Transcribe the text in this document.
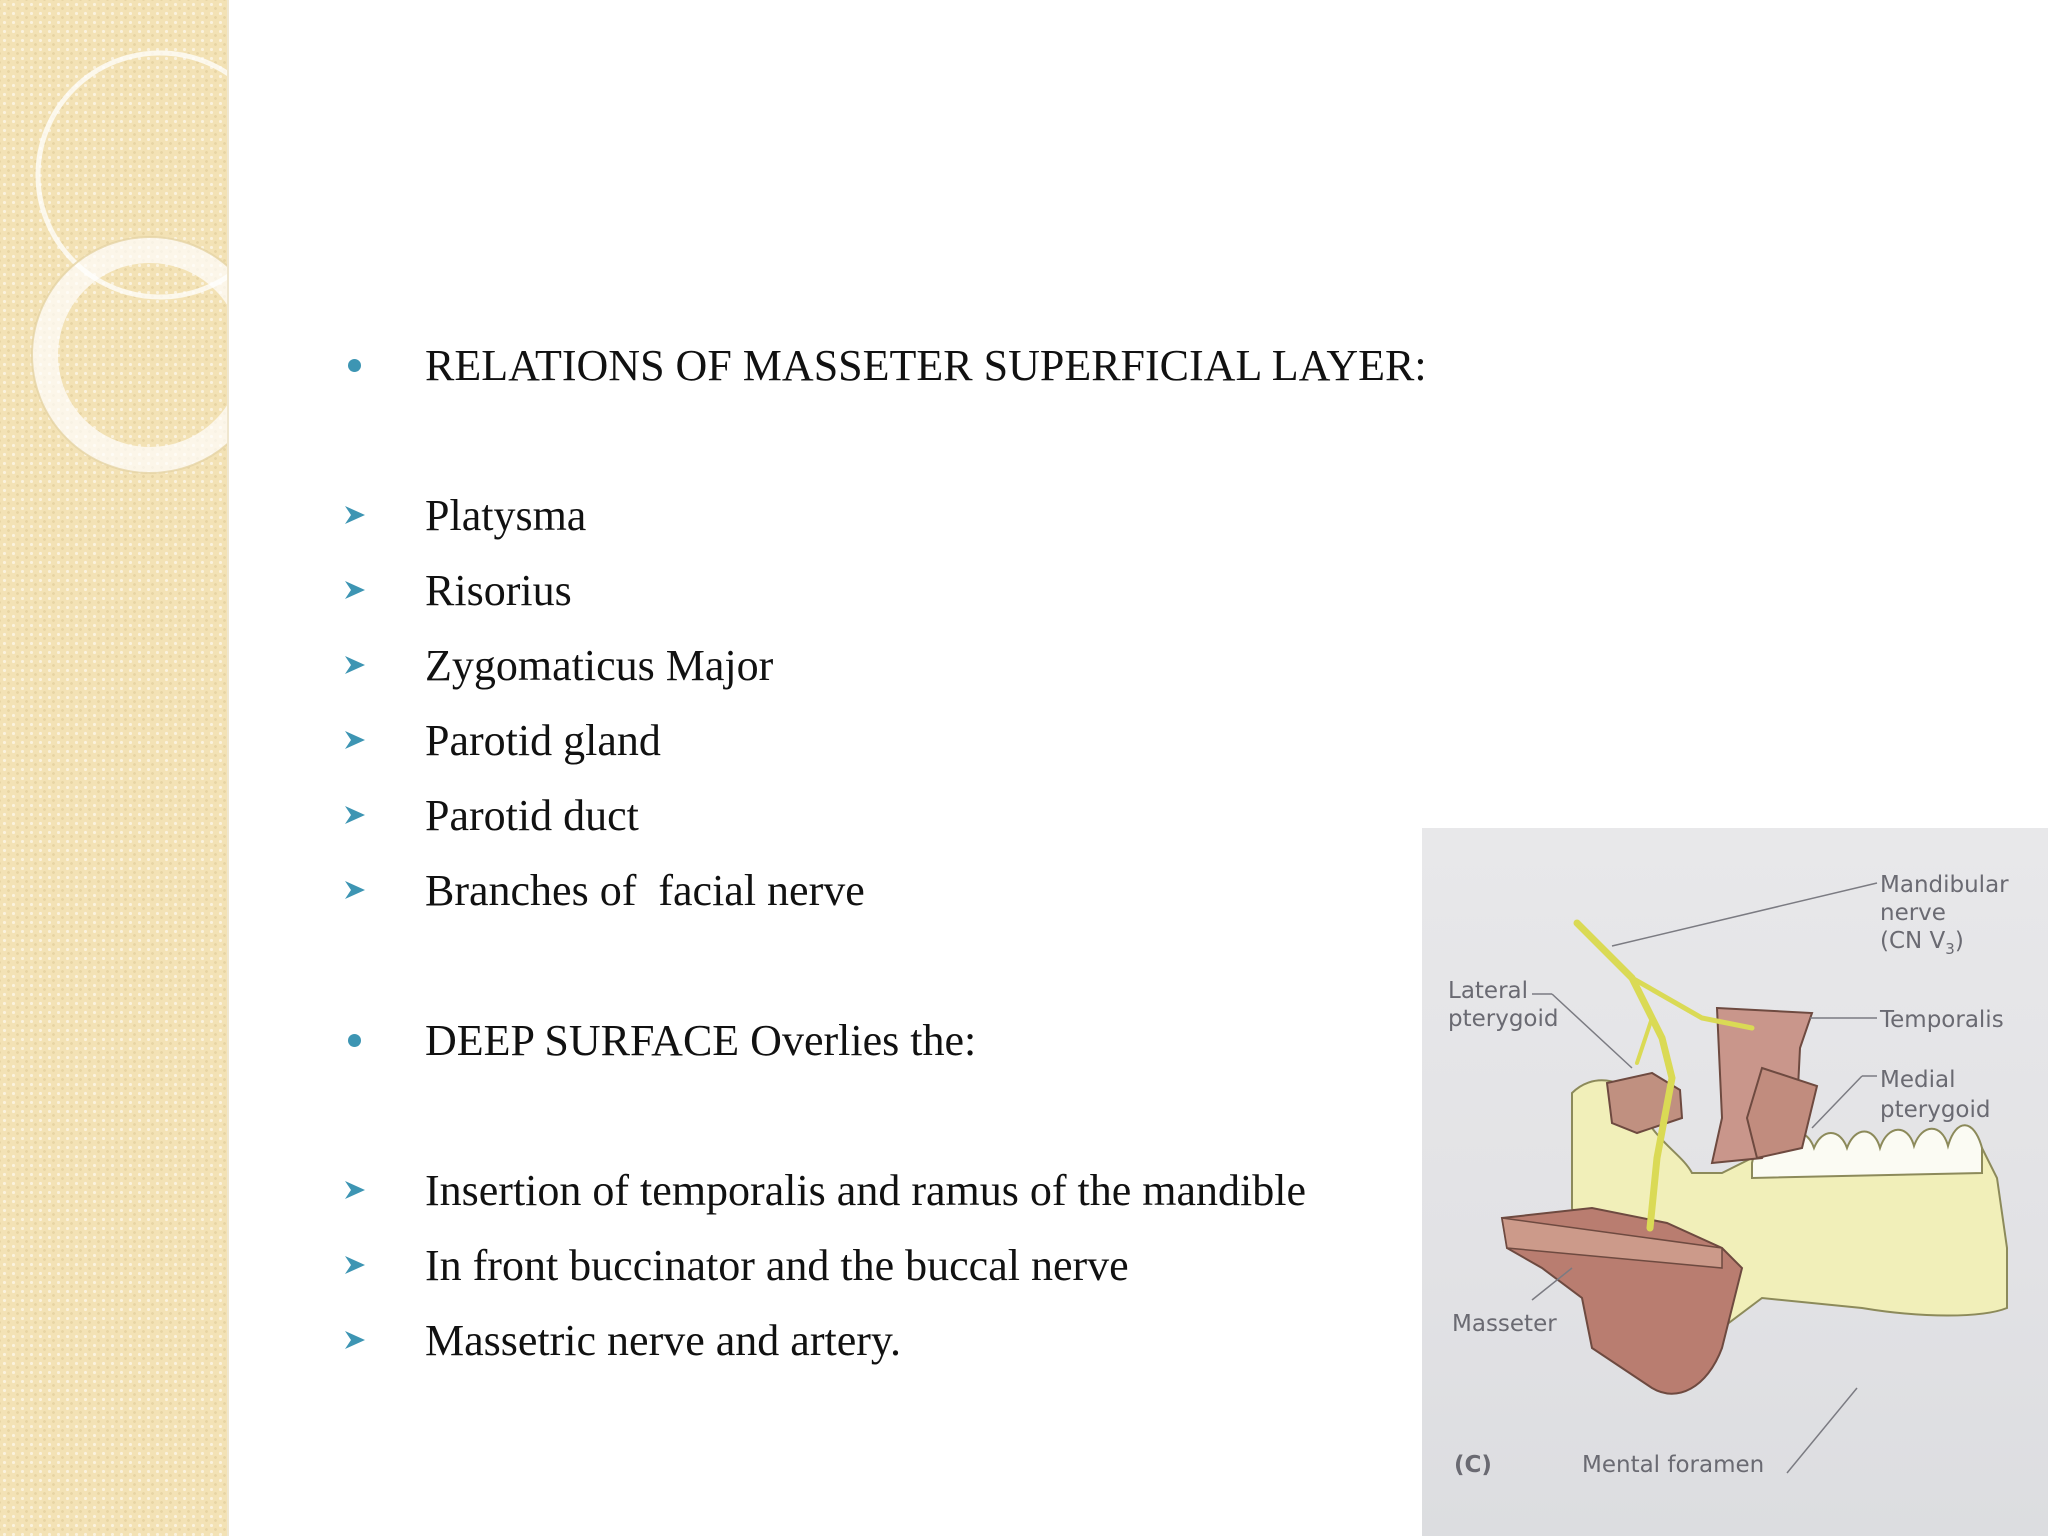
RELATIONS OF MASSETER SUPERFICIAL LAYER:
Platysma
Risorius
Zygomaticus Major
Parotid gland
Parotid duct
Branches of  facial nerve
DEEP SURFACE Overlies the:
Insertion of temporalis and ramus of the mandible
In front buccinator and the buccal nerve
Massetric nerve and artery.
Mandibular
nerve
(CN $V_3$)
Lateral
pterygoid	Temporalis
Medial
pterygoid
Masseter
(C)	Mental foramen
